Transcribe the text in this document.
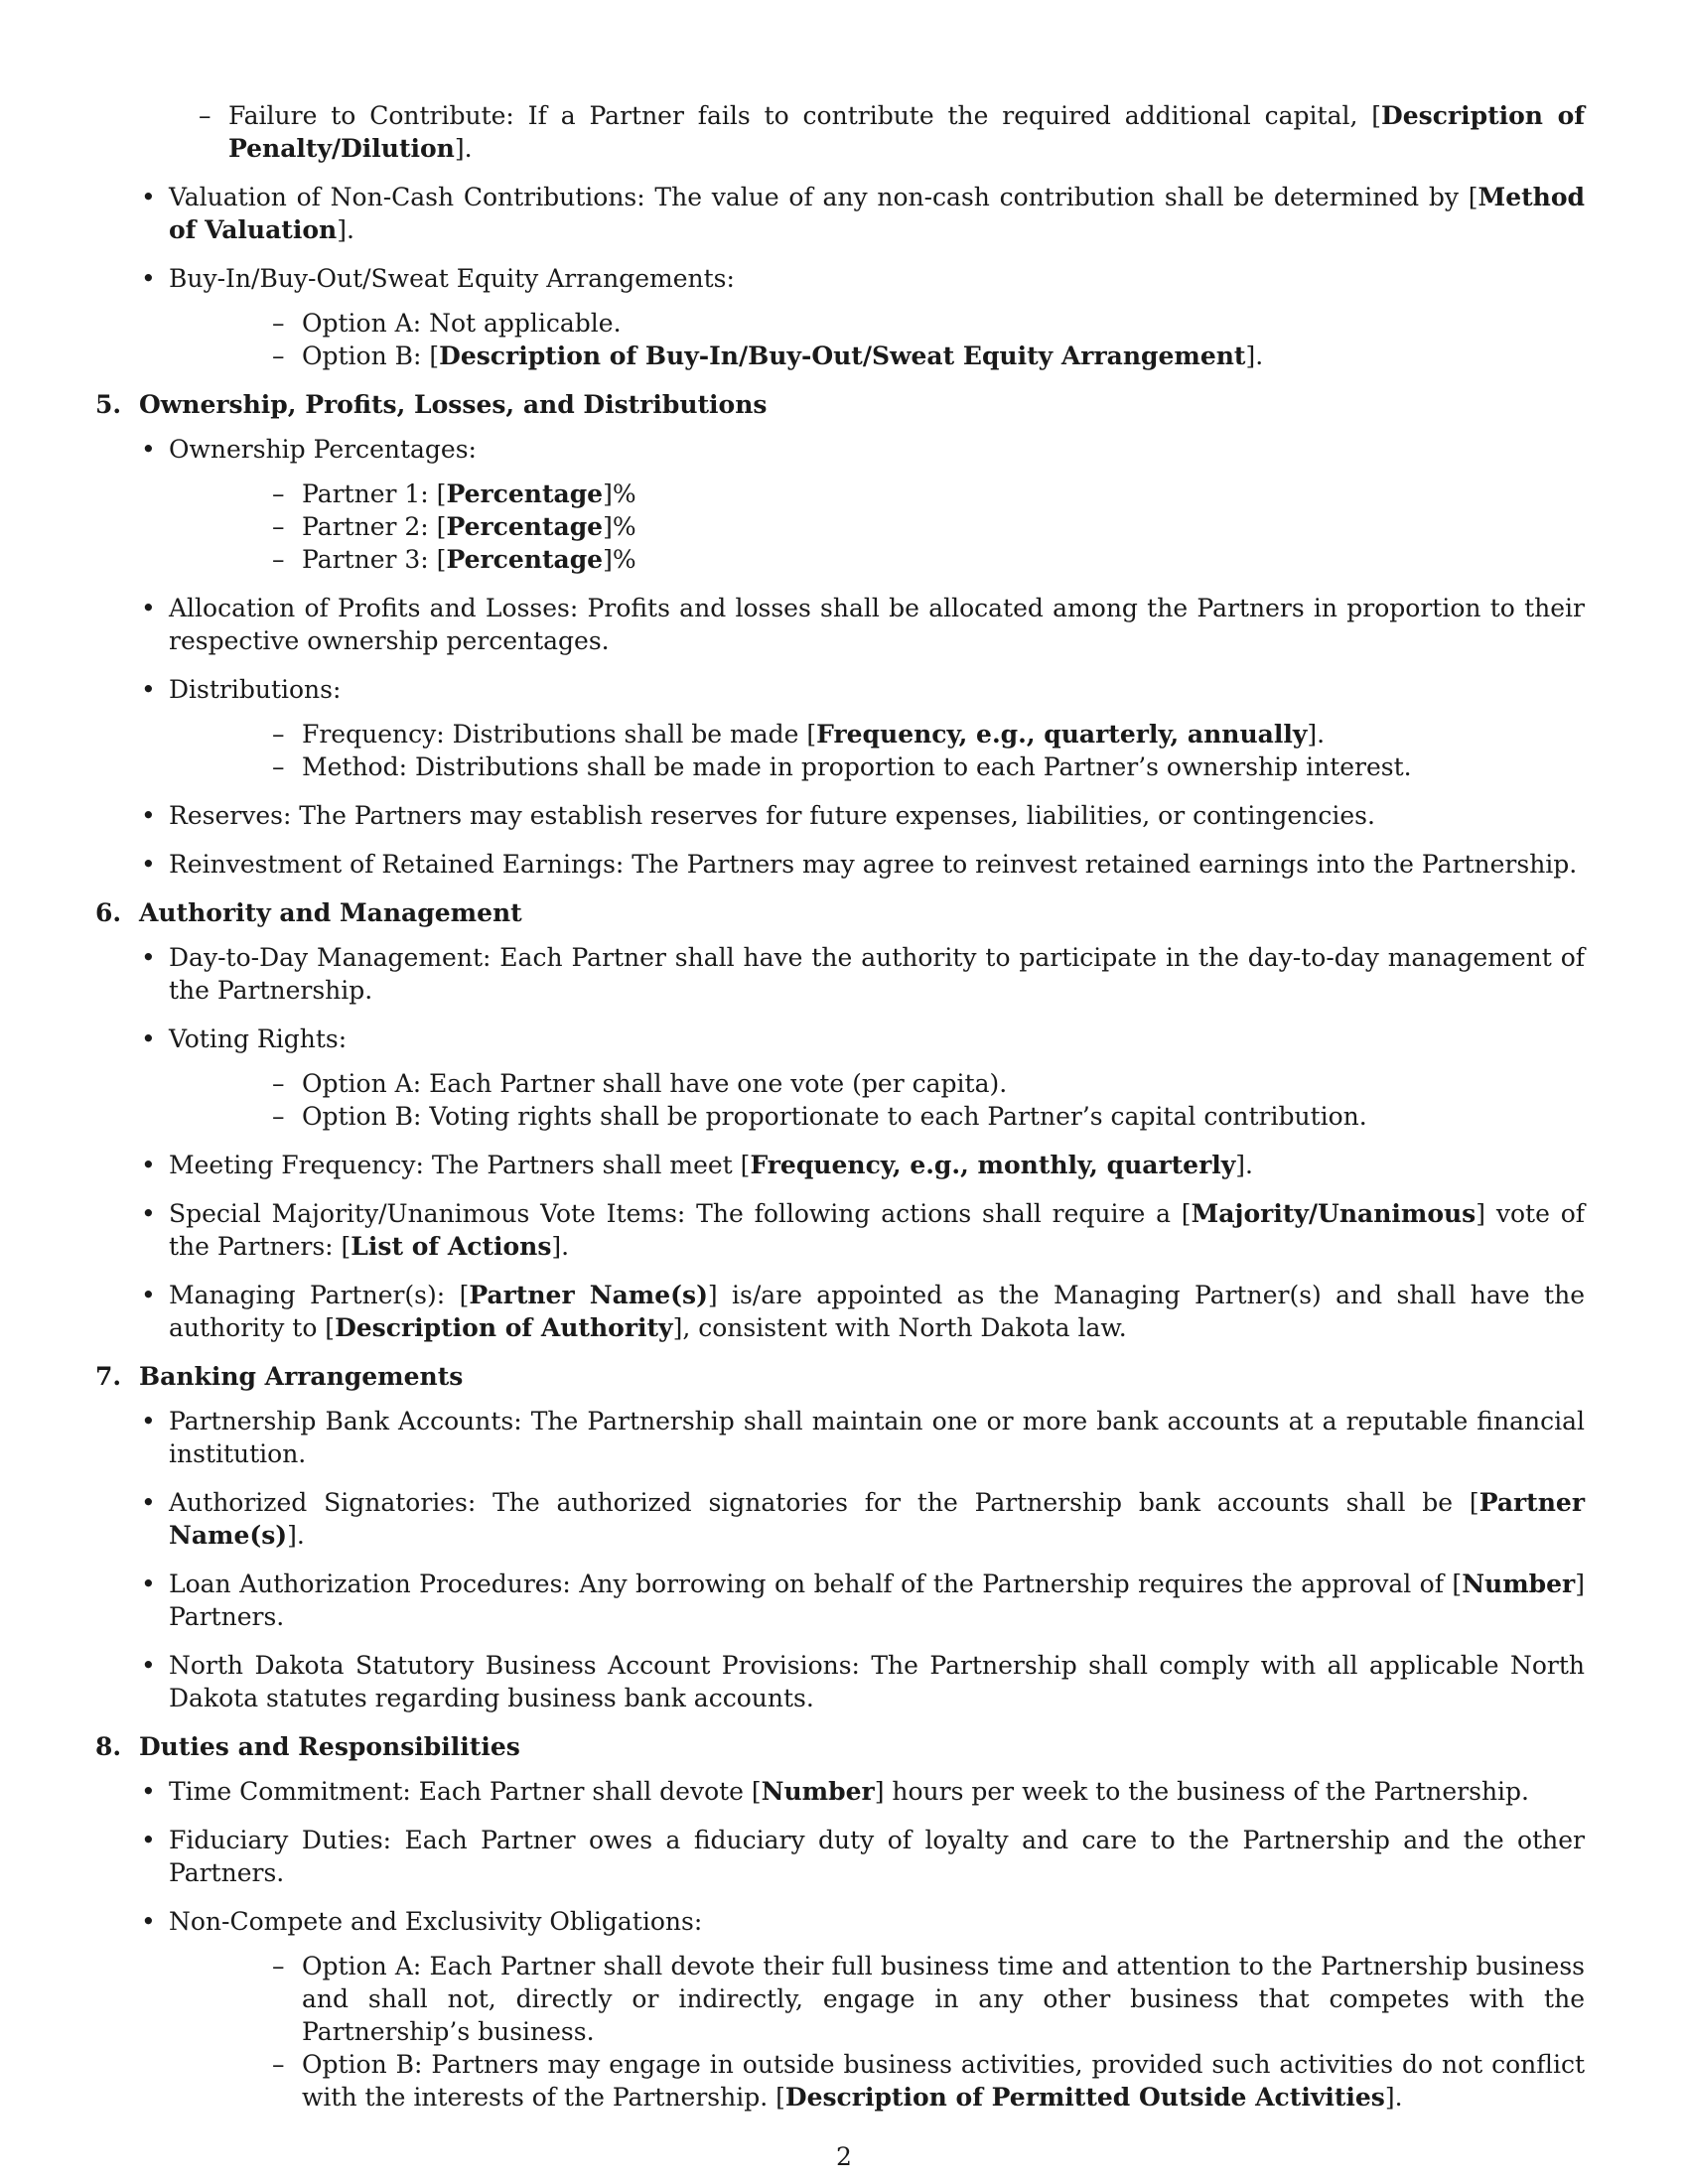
– Failure to Contribute: If a Partner fails to contribute the required additional capital, [Description of Penalty/Dilution].
• Valuation of Non-Cash Contributions: The value of any non-cash contribution shall be determined by [Method of Valuation].
• Buy-In/Buy-Out/Sweat Equity Arrangements:
– Option A: Not applicable.
– Option B: [Description of Buy-In/Buy-Out/Sweat Equity Arrangement].
5. Ownership, Profits, Losses, and Distributions
• Ownership Percentages:
– Partner 1: [Percentage]%
– Partner 2: [Percentage]%
– Partner 3: [Percentage]%
• Allocation of Profits and Losses: Profits and losses shall be allocated among the Partners in proportion to their respective ownership percentages.
• Distributions:
– Frequency: Distributions shall be made [Frequency, e.g., quarterly, annually].
– Method: Distributions shall be made in proportion to each Partner’s ownership interest.
• Reserves: The Partners may establish reserves for future expenses, liabilities, or contingencies.
• Reinvestment of Retained Earnings: The Partners may agree to reinvest retained earnings into the Partnership.
6. Authority and Management
• Day-to-Day Management: Each Partner shall have the authority to participate in the day-to-day management of the Partnership.
• Voting Rights:
– Option A: Each Partner shall have one vote (per capita).
– Option B: Voting rights shall be proportionate to each Partner’s capital contribution.
• Meeting Frequency: The Partners shall meet [Frequency, e.g., monthly, quarterly].
• Special Majority/Unanimous Vote Items: The following actions shall require a [Majority/Unanimous] vote of the Partners: [List of Actions].
• Managing Partner(s): [Partner Name(s)] is/are appointed as the Managing Partner(s) and shall have the authority to [Description of Authority], consistent with North Dakota law.
7. Banking Arrangements
• Partnership Bank Accounts: The Partnership shall maintain one or more bank accounts at a reputable financial institution.
• Authorized Signatories: The authorized signatories for the Partnership bank accounts shall be [Partner Name(s)].
• Loan Authorization Procedures: Any borrowing on behalf of the Partnership requires the approval of [Number] Partners.
• North Dakota Statutory Business Account Provisions: The Partnership shall comply with all applicable North Dakota statutes regarding business bank accounts.
8. Duties and Responsibilities
• Time Commitment: Each Partner shall devote [Number] hours per week to the business of the Partnership.
• Fiduciary Duties: Each Partner owes a fiduciary duty of loyalty and care to the Partnership and the other Partners.
• Non-Compete and Exclusivity Obligations:
– Option A: Each Partner shall devote their full business time and attention to the Partnership business and shall not, directly or indirectly, engage in any other business that competes with the Partnership’s business.
– Option B: Partners may engage in outside business activities, provided such activities do not conflict with the interests of the Partnership. [Description of Permitted Outside Activities].
2
